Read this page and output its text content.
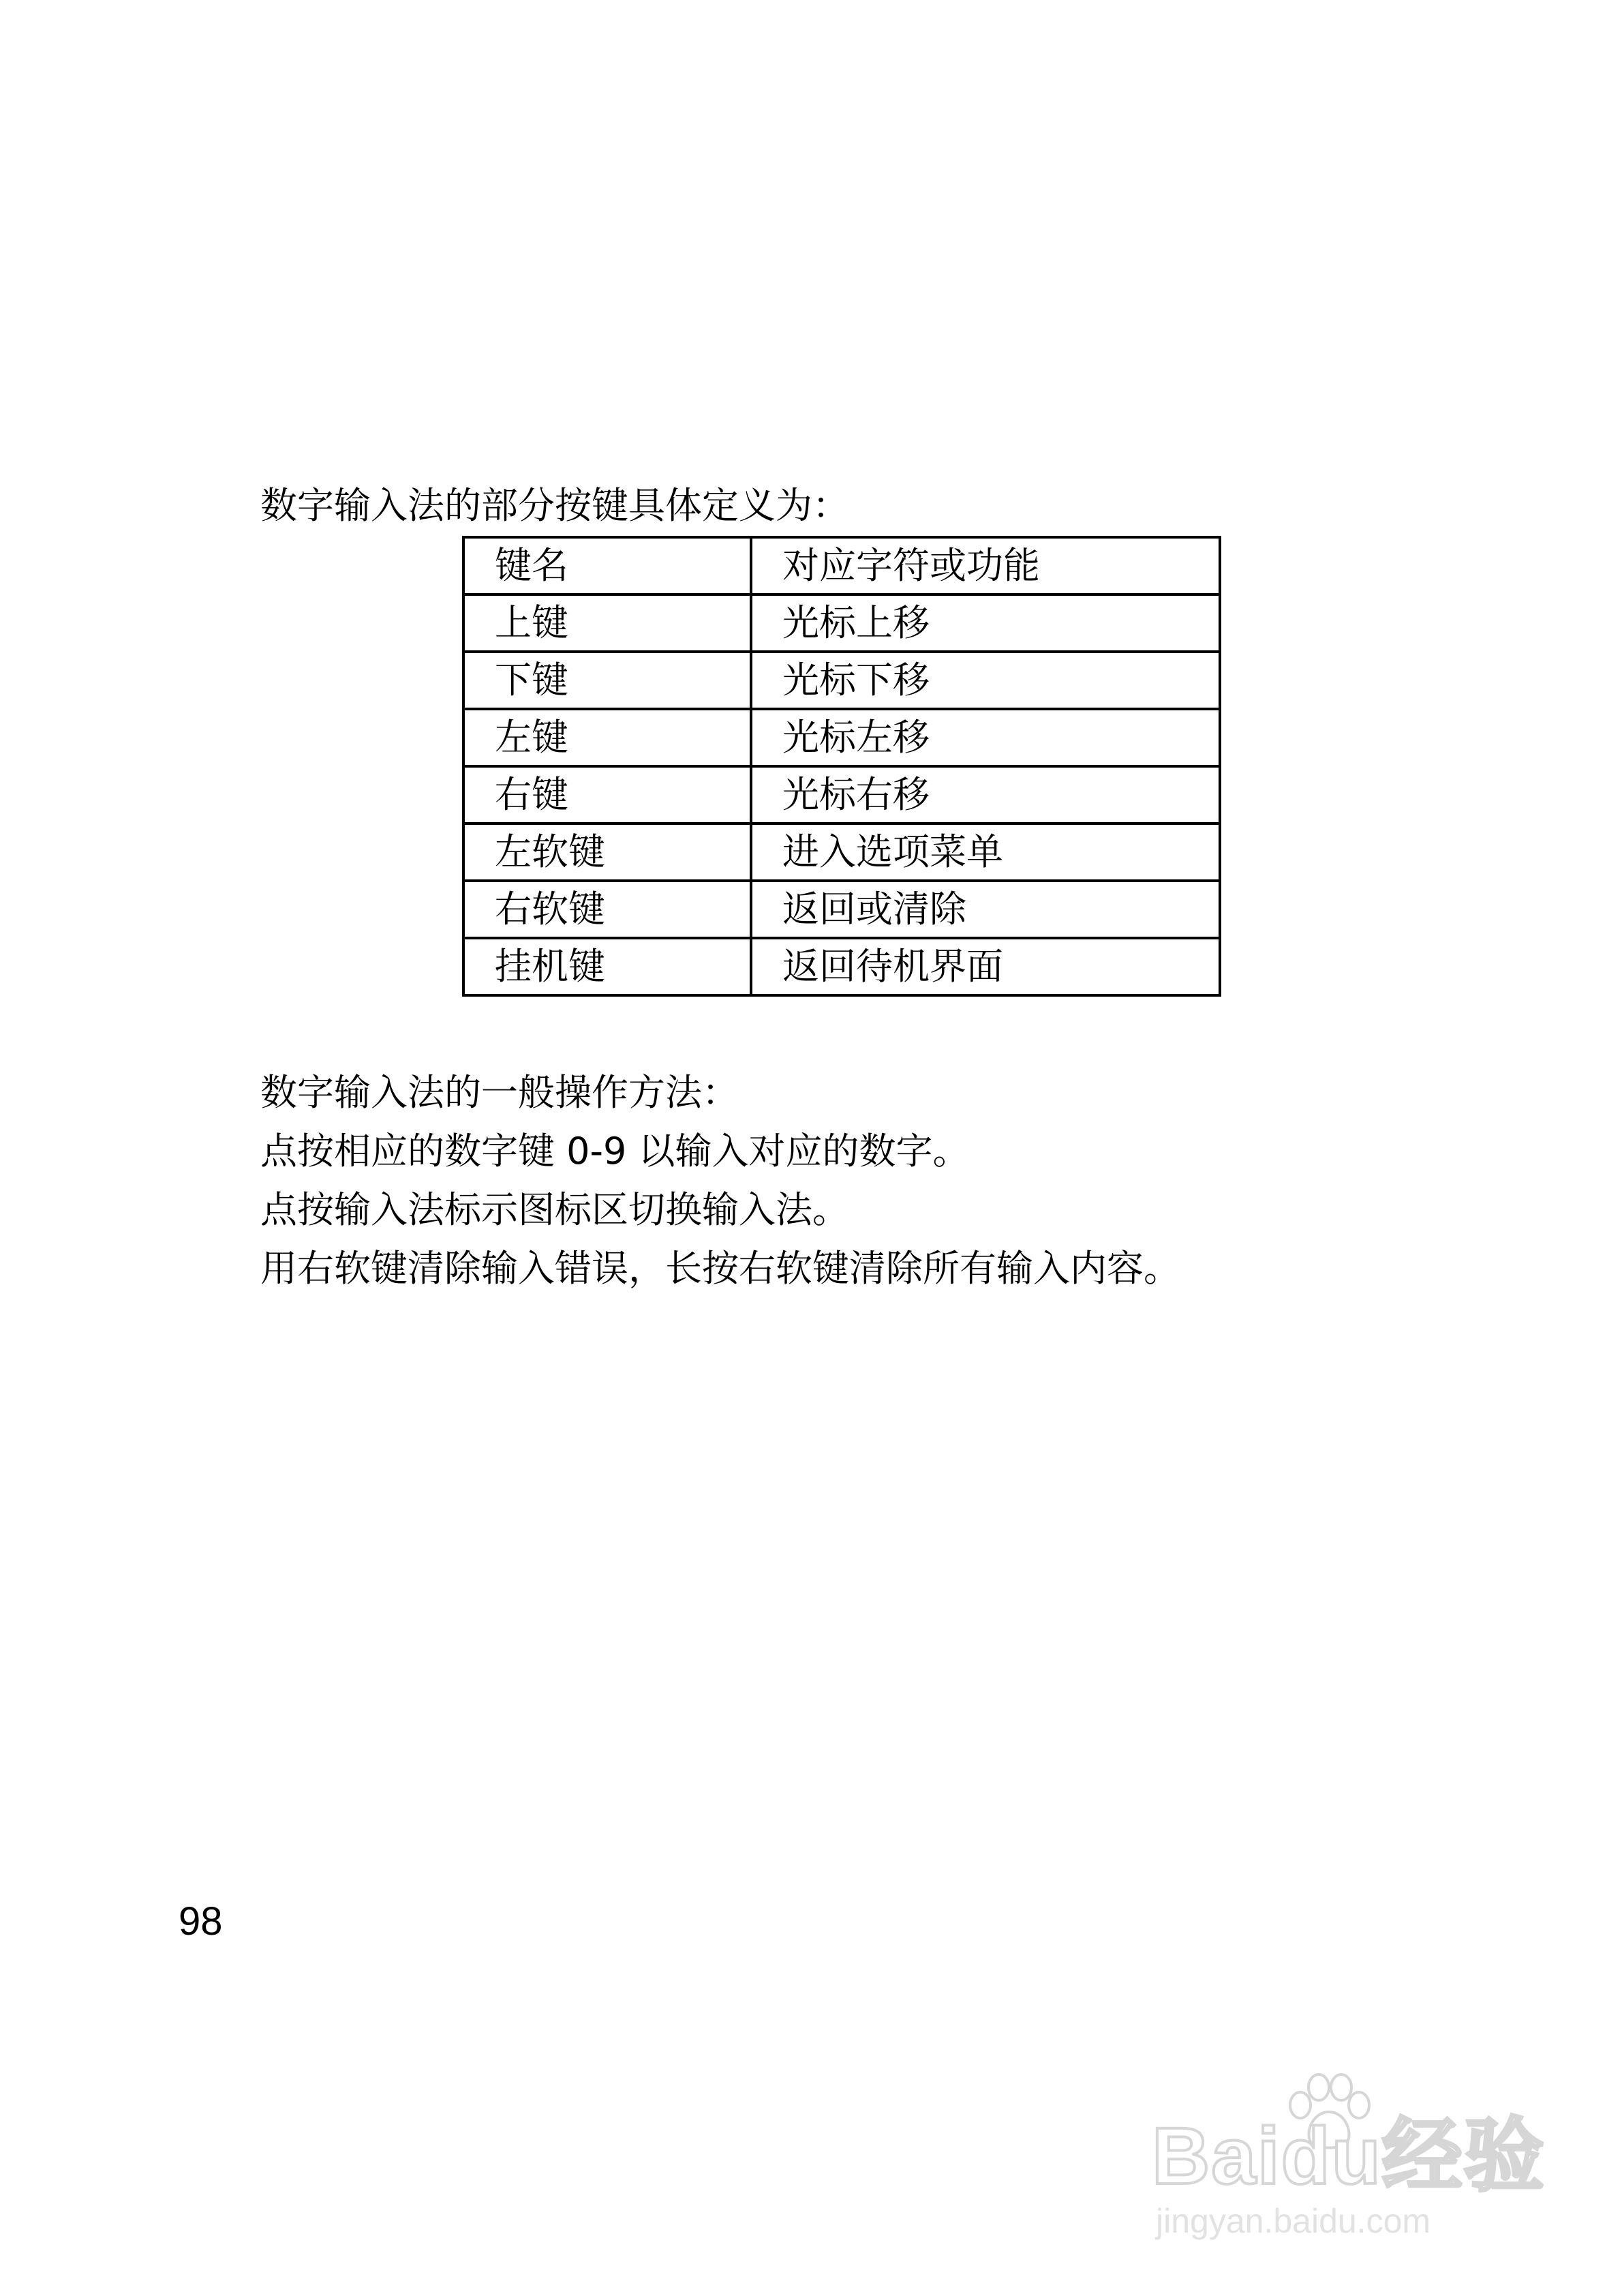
数字输入法的部分按键具体定义为：
键名	对应字符或功能
上键	光标上移
下键	光标下移
左键	光标左移
右键	光标右移
左软键	进入选项菜单
右软键	返回或清除
挂机键	返回待机界面
数字输入法的一般操作方法：
点按相应的数字键 0-9 以输入对应的数字。
点按输入法标示图标区切换输入法。
用右软键清除输入错误，长按右软键清除所有输入内容。
98
Baidu经验
jingyan.baidu.com
